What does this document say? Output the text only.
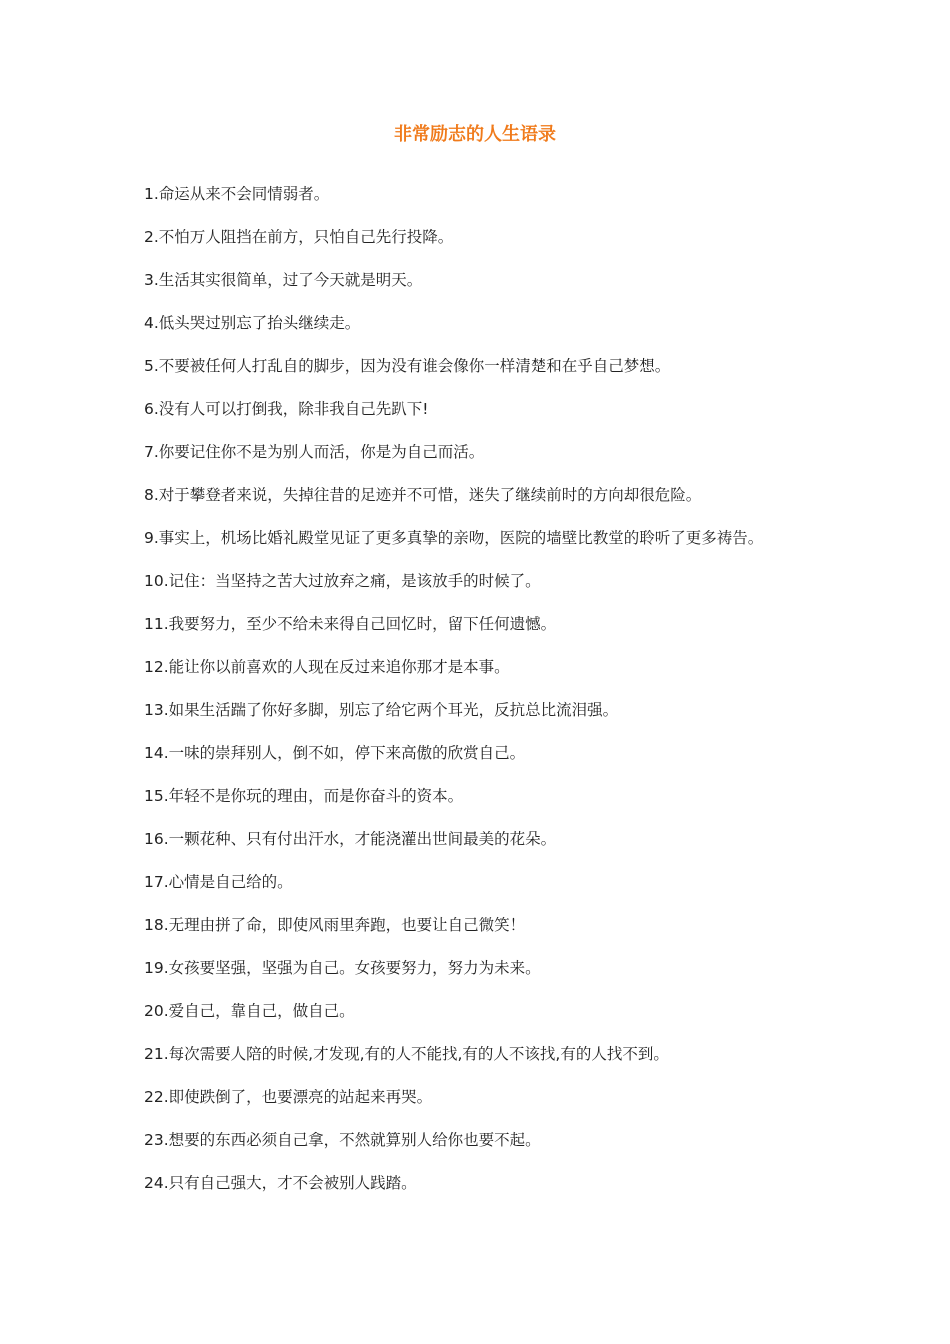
非常励志的人生语录
1.命运从来不会同情弱者。
2.不怕万人阻挡在前方，只怕自己先行投降。
3.生活其实很简单，过了今天就是明天。
4.低头哭过别忘了抬头继续走。
5.不要被任何人打乱自的脚步，因为没有谁会像你一样清楚和在乎自己梦想。
6.没有人可以打倒我，除非我自己先趴下!
7.你要记住你不是为别人而活，你是为自己而活。
8.对于攀登者来说，失掉往昔的足迹并不可惜，迷失了继续前时的方向却很危险。
9.事实上，机场比婚礼殿堂见证了更多真挚的亲吻，医院的墙壁比教堂的聆听了更多祷告。
10.记住：当坚持之苦大过放弃之痛，是该放手的时候了。
11.我要努力，至少不给未来得自己回忆时，留下任何遗憾。
12.能让你以前喜欢的人现在反过来追你那才是本事。
13.如果生活踹了你好多脚，别忘了给它两个耳光，反抗总比流泪强。
14.一味的崇拜别人，倒不如，停下来高傲的欣赏自己。
15.年轻不是你玩的理由，而是你奋斗的资本。
16.一颗花种、只有付出汗水，才能浇灌出世间最美的花朵。
17.心情是自己给的。
18.无理由拼了命，即使风雨里奔跑，也要让自己微笑！
19.女孩要坚强，坚强为自己。女孩要努力，努力为未来。
20.爱自己，靠自己，做自己。
21.每次需要人陪的时候,才发现,有的人不能找,有的人不该找,有的人找不到。
22.即使跌倒了，也要漂亮的站起来再哭。
23.想要的东西必须自己拿，不然就算别人给你也要不起。
24.只有自己强大，才不会被别人践踏。
